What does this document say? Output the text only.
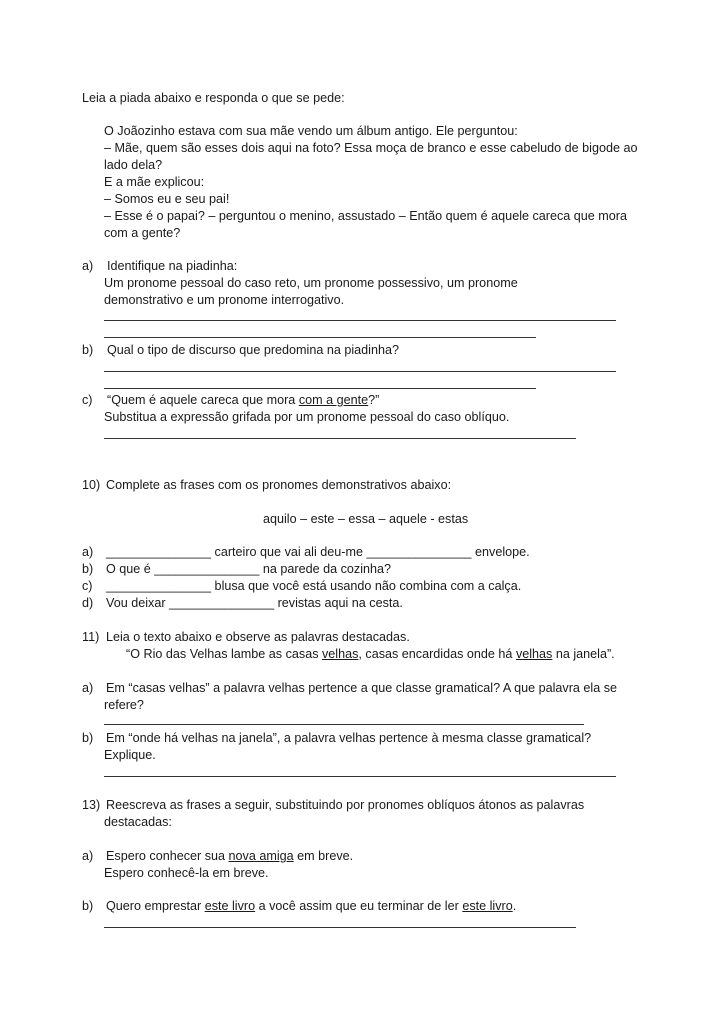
Leia a piada abaixo e responda o que se pede:
O Joãozinho estava com sua mãe vendo um álbum antigo. Ele perguntou:
– Mãe, quem são esses dois aqui na foto? Essa moça de branco e esse cabeludo de bigode ao
lado dela?
E a mãe explicou:
– Somos eu e seu pai!
– Esse é o papai? – perguntou o menino, assustado – Então quem é aquele careca que mora
com a gente?
a) Identifique na piadinha:
Um pronome pessoal do caso reto, um pronome possessivo, um pronome
demonstrativo e um pronome interrogativo.
b) Qual o tipo de discurso que predomina na piadinha?
c) “Quem é aquele careca que mora com a gente?”
Substitua a expressão grifada por um pronome pessoal do caso oblíquo.
10) Complete as frases com os pronomes demonstrativos abaixo:
aquilo – este – essa – aquele - estas
a) _______________ carteiro que vai ali deu-me _______________ envelope.
b) O que é _______________ na parede da cozinha?
c) _______________ blusa que você está usando não combina com a calça.
d) Vou deixar _______________ revistas aqui na cesta.
11) Leia o texto abaixo e observe as palavras destacadas.
“O Rio das Velhas lambe as casas velhas, casas encardidas onde há velhas na janela”.
a) Em “casas velhas” a palavra velhas pertence a que classe gramatical? A que palavra ela se
refere?
b) Em “onde há velhas na janela”, a palavra velhas pertence à mesma classe gramatical?
Explique.
13) Reescreva as frases a seguir, substituindo por pronomes oblíquos átonos as palavras
destacadas:
a) Espero conhecer sua nova amiga em breve.
Espero conhecê-la em breve.
b) Quero emprestar este livro a você assim que eu terminar de ler este livro.
